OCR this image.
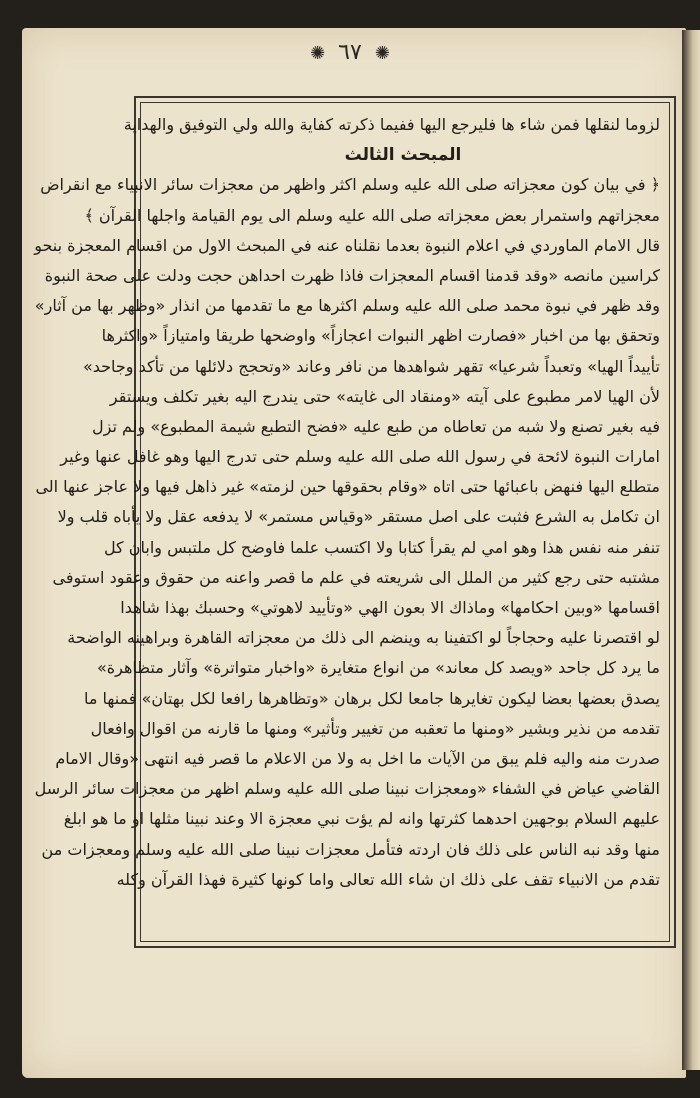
✺ ٦٧ ✺
لزوما لنقلها فمن شاء ها فليرجع اليها ففيما ذكرته كفاية والله ولي التوفيق والهداية
المبحث الثالث
﴿ في بيان كون معجزاته صلى الله عليه وسلم اكثر واظهر من معجزات سائر الانبياء مع انقراض
معجزاتهم واستمرار بعض معجزاته صلى الله عليه وسلم الى يوم القيامة واجلها القرآن ﴾
قال الامام الماوردي في اعلام النبوة بعدما نقلناه عنه في المبحث الاول من اقسام المعجزة بنحو
كراسين مانصه «وقد قدمنا اقسام المعجزات فاذا ظهرت احداهن حجت ودلت على صحة النبوة
وقد ظهر في نبوة محمد صلى الله عليه وسلم اكثرها مع ما تقدمها من انذار «وظهر بها من آثار»
وتحقق بها من اخبار «فصارت اظهر النبوات اعجازاً» واوضحها طريقا وامتيازاً «واكثرها
تأييداً الهيا» وتعبداً شرعيا» تقهر شواهدها من نافر وعاند «وتحجج دلائلها من تأكد وجاحد»
لأن الهيا لامر مطبوع على آيته «ومنقاد الى غايته» حتى يندرج اليه بغير تكلف ويستقر
فيه بغير تصنع ولا شبه من تعاطاه من طبع عليه «فضح التطبع شيمة المطبوع» ولم تزل
امارات النبوة لائحة في رسول الله صلى الله عليه وسلم حتى تدرج اليها وهو غافل عنها وغير
متطلع اليها فنهض باعبائها حتى اتاه «وقام بحقوقها حين لزمته» غير ذاهل فيها ولا عاجز عنها الى
ان تكامل به الشرع فثبت على اصل مستقر «وقياس مستمر» لا يدفعه عقل ولا يأباه قلب ولا
تنفر منه نفس هذا وهو امي لم يقرأ كتابا ولا اكتسب علما فاوضح كل ملتبس وابان كل
مشتبه حتى رجع كثير من الملل الى شريعته في علم ما قصر واعنه من حقوق وعقود استوفى
اقسامها «وبين احكامها» وماذاك الا بعون الهي «وتأييد لاهوتي» وحسبك بهذا شاهدا
لو اقتصرنا عليه وحجاجاً لو اكتفينا به وينضم الى ذلك من معجزاته القاهرة وبراهينه الواضحة
ما يرد كل جاحد «ويصد كل معاند» من انواع متغايرة «واخبار متواترة» وآثار متظاهرة»
يصدق بعضها بعضا ليكون تغايرها جامعا لكل برهان «وتظاهرها رافعا لكل بهتان» فمنها ما
تقدمه من نذير وبشير «ومنها ما تعقبه من تغيير وتأثير» ومنها ما قارنه من اقوال وافعال
صدرت منه واليه فلم يبق من الآيات ما اخل به ولا من الاعلام ما قصر فيه انتهى «وقال الامام
القاضي عياض في الشفاء «ومعجزات نبينا صلى الله عليه وسلم اظهر من معجزات سائر الرسل
عليهم السلام بوجهين احدهما كثرتها وانه لم يؤت نبي معجزة الا وعند نبينا مثلها او ما هو ابلغ
منها وقد نبه الناس على ذلك فان اردته فتأمل معجزات نبينا صلى الله عليه وسلم ومعجزات من
تقدم من الانبياء تقف على ذلك ان شاء الله تعالى واما كونها كثيرة فهذا القرآن وكله
